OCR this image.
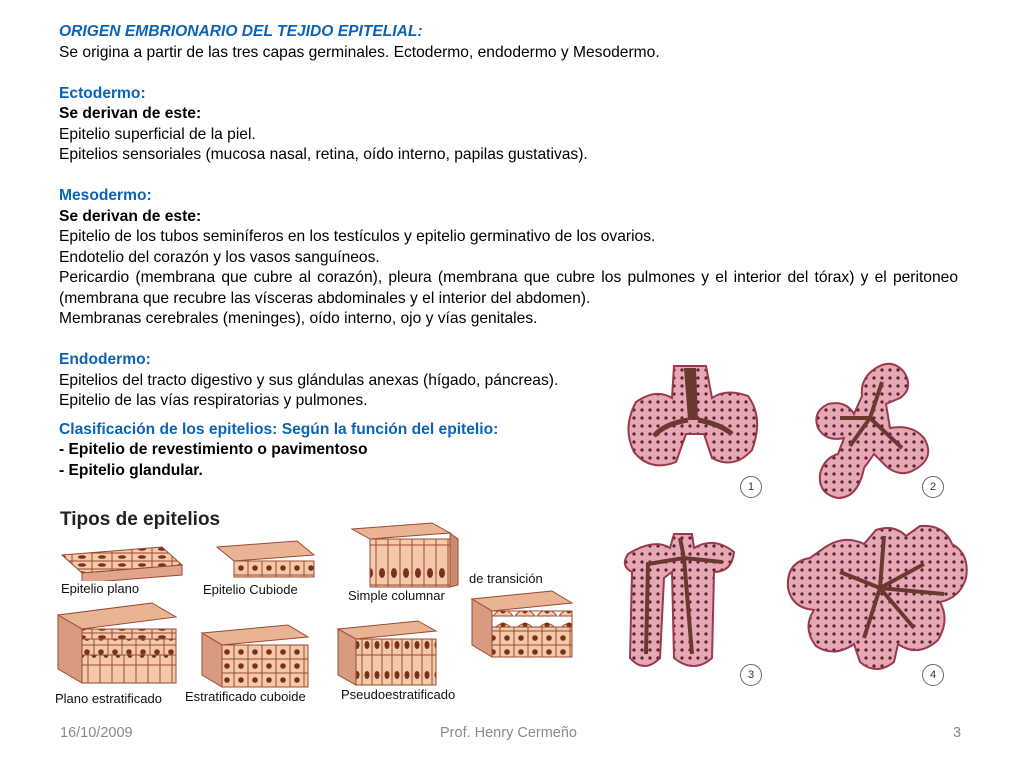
ORIGEN EMBRIONARIO DEL TEJIDO EPITELIAL:

Se origina a partir de las tres capas germinales. Ectodermo, endodermo y Mesodermo.

Ectodermo:

Se derivan de este:

Epitelio superficial de la piel.

Epitelios sensoriales (mucosa nasal, retina, oído interno, papilas gustativas).

Mesodermo:

Se derivan de este:

Epitelio de los tubos seminíferos en los testículos y epitelio germinativo de los ovarios.

Endotelio del corazón y los vasos sanguíneos.

Pericardio (membrana que cubre al corazón), pleura (membrana que cubre los pulmones y el interior del tórax) y el peritoneo (membrana que recubre las vísceras abdominales y el interior del abdomen).

Membranas cerebrales (meninges), oído interno, ojo y vías genitales.

Endodermo:

Epitelios del tracto digestivo y sus glándulas anexas (hígado, páncreas).

Epitelio de las vías respiratorias y pulmones.

Clasificación de los epitelios: Según la función del epitelio:

- Epitelio de revestimiento o pavimentoso

- Epitelio glandular.

Tipos de epitelios
Epitelio plano	Epitelio Cubiode	Simple columnar
de transición
Plano estratificado Estratificado cuboide	Pseudoestratificado
1	2
3	4
16/10/2009	Prof. Henry Cermeño	3
